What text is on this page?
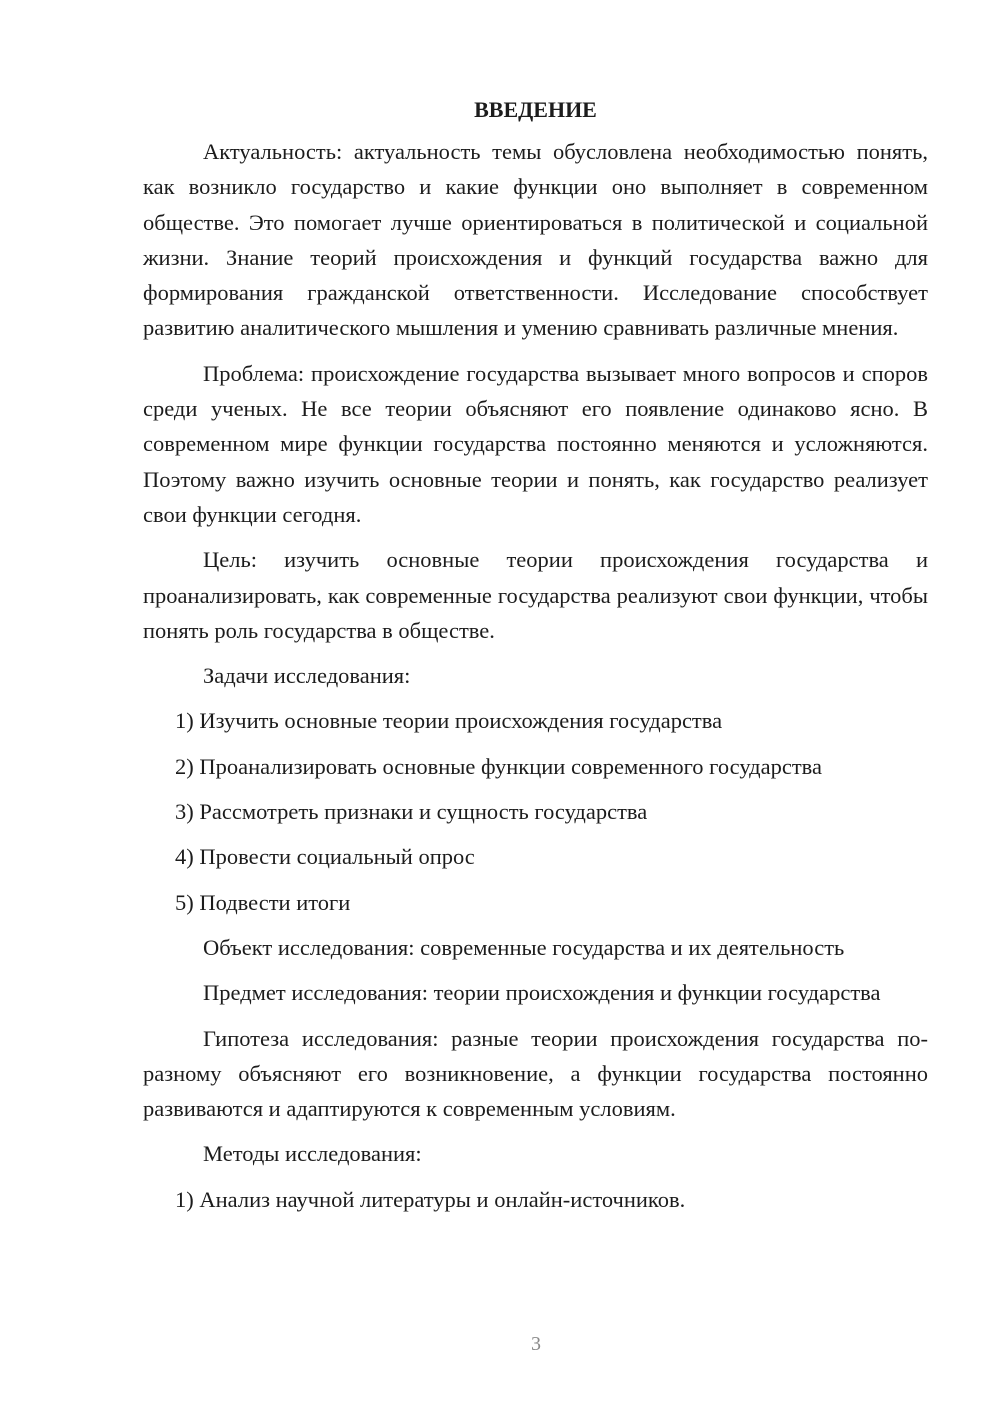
ВВЕДЕНИЕ

Актуальность: актуальность темы обусловлена необходимостью понять, как возникло государство и какие функции оно выполняет в современном обществе. Это помогает лучше ориентироваться в политической и социальной жизни. Знание теорий происхождения и функций государства важно для формирования гражданской ответственности. Исследование способствует развитию аналитического мышления и умению сравнивать различные мнения.

Проблема: происхождение государства вызывает много вопросов и споров среди ученых. Не все теории объясняют его появление одинаково ясно. В современном мире функции государства постоянно меняются и усложняются. Поэтому важно изучить основные теории и понять, как государство реализует свои функции сегодня.

Цель: изучить основные теории происхождения государства и проанализировать, как современные государства реализуют свои функции, чтобы понять роль государства в обществе.

Задачи исследования:

1) Изучить основные теории происхождения государства
2) Проанализировать основные функции современного государства
3) Рассмотреть признаки и сущность государства
4) Провести социальный опрос
5) Подвести итоги

Объект исследования: современные государства и их деятельность

Предмет исследования: теории происхождения и функции государства

Гипотеза исследования: разные теории происхождения государства по-разному объясняют его возникновение, а функции государства постоянно развиваются и адаптируются к современным условиям.

Методы исследования:

1) Анализ научной литературы и онлайн-источников.
3
